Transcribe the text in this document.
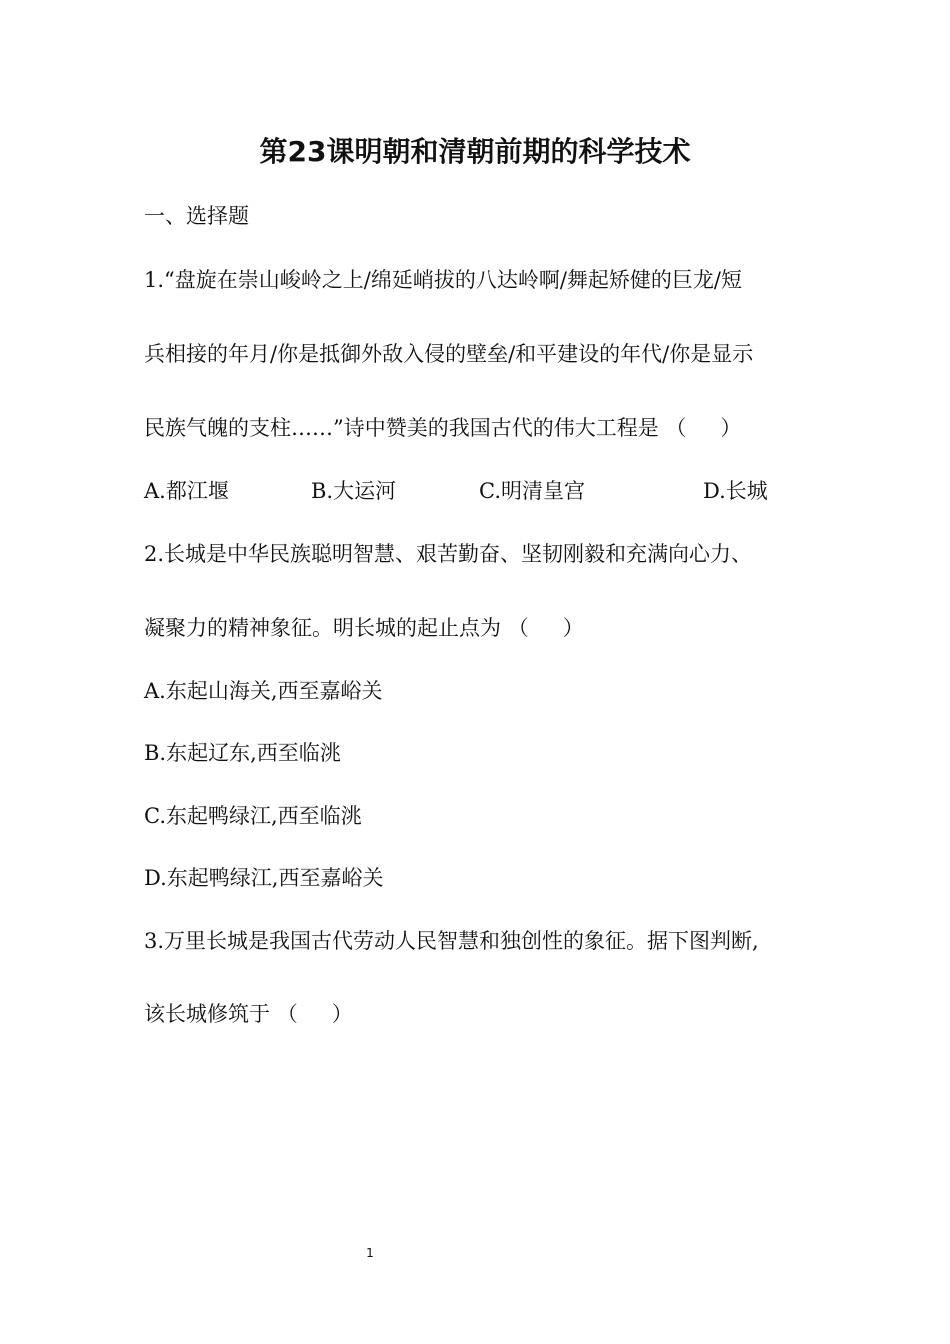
第23课明朝和清朝前期的科学技术
一、选择题
1.“盘旋在崇山峻岭之上/绵延峭拔的八达岭啊/舞起矫健的巨龙/短
兵相接的年月/你是抵御外敌入侵的壁垒/和平建设的年代/你是显示
民族气魄的支柱……”诗中赞美的我国古代的伟大工程是 （ ）
A.都江堰	B.大运河	C.明清皇宫	D.长城
2.长城是中华民族聪明智慧、艰苦勤奋、坚韧刚毅和充满向心力、
凝聚力的精神象征。明长城的起止点为 （ ）
A.东起山海关,西至嘉峪关
B.东起辽东,西至临洮
C.东起鸭绿江,西至临洮
D.东起鸭绿江,西至嘉峪关
3.万里长城是我国古代劳动人民智慧和独创性的象征。据下图判断,
该长城修筑于 （ ）
1
